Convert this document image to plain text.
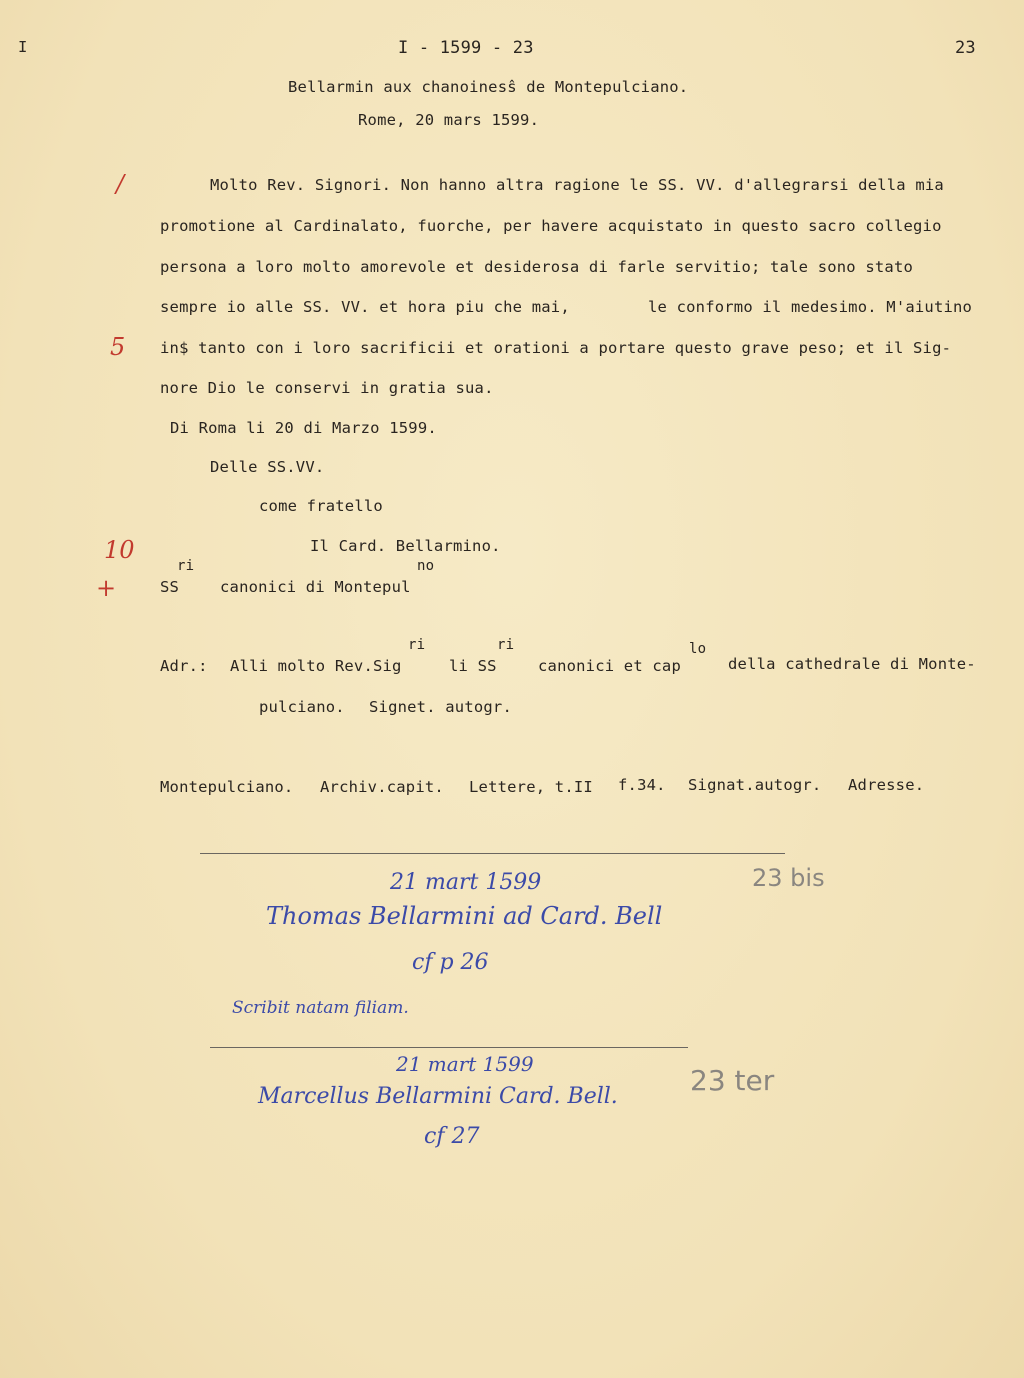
I	I - 1599 - 23	23
Bellarmin aux chanoinesŝ de Montepulciano.
Rome, 20 mars 1599.
/
5
10
+
Molto Rev. Signori. Non hanno altra ragione le SS. VV. d'allegrarsi della mia
promotione al Cardinalato, fuorche, per havere acquistato in questo sacro collegio
persona a loro molto amorevole et desiderosa di farle servitio; tale sono stato
sempre io alle SS. VV. et hora piu che mai,	le conformo il medesimo. M'aiutino
in$ tanto con i loro sacrificii et orationi a portare questo grave peso; et il Sig-
nore Dio le conservi in gratia sua.
Di Roma li 20 di Marzo 1599.
Delle SS.VV.
come fratello
Il Card. Bellarmino.
ri	no
SS	canonici di Montepul
ri	ri	lo
Adr.: Alli molto Rev.Sig	li SS	canonici et cap	della cathedrale di Monte-
pulciano. Signet. autogr.
Montepulciano. Archiv.capit. Lettere, t.II f.34. Signat.autogr. Adresse.
21 mart 1599	23 bis
Thomas Bellarmini ad Card. Bell
cf p 26
Scribit natam filiam.
21 mart 1599	23 ter
Marcellus Bellarmini Card. Bell.
cf 27
